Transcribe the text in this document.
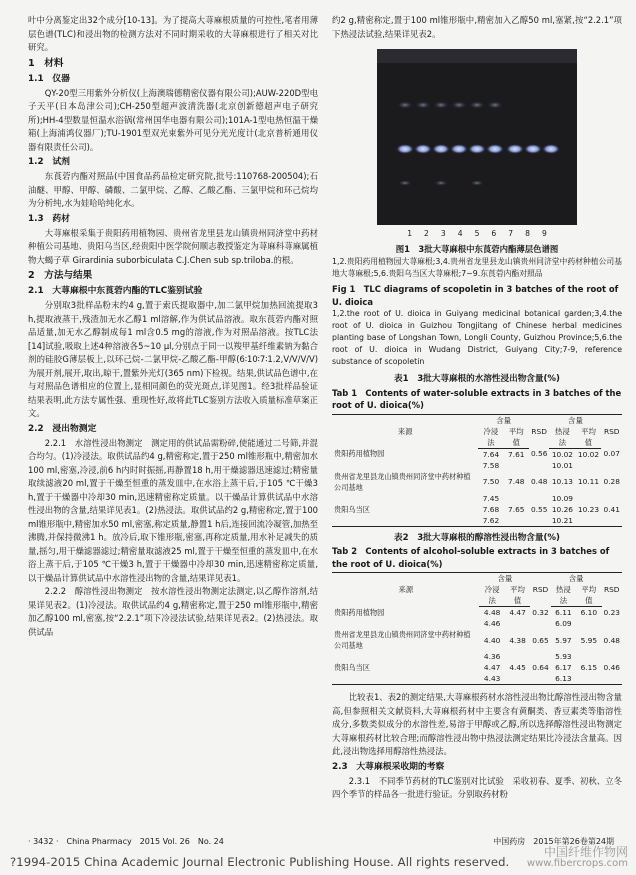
叶中分离鉴定出32个成分[10-13]。为了提高大荨麻根质量的可控性,笔者用薄层色谱(TLC)和浸出物的检测方法对不同时期采收的大荨麻根进行了相关对比研究。

1　材料
1.1　仪器

QY-20型三用紫外分析仪(上海澳瑞德精密仪器有限公司);AUW-220D型电子天平(日本岛津公司);CH-250型超声波清洗器(北京创新德超声电子研究所);HH-4型数显恒温水浴锅(常州国华电器有限公司);101A-1型电热恒温干燥箱(上海浦鸿仪器厂);TU-1901型双光束紫外可见分光光度计(北京普析通用仪器有限责任公司)。

1.2　试剂

东莨菪内酯对照品(中国食品药品检定研究院,批号:110768-200504);石油醚、甲醇、甲醇、磷酸、二氯甲烷、乙醇、乙酸乙酯、三氯甲烷和环己烷均为分析纯,水为娃哈哈纯化水。

1.3　药材

大荨麻根采集于贵阳药用植物园、贵州省龙里县龙山镇贵州同济堂中药材种植公司基地、贵阳乌当区,经贵阳中医学院何顺志教授鉴定为荨麻科荨麻属植物大蝎子草 Girardinia suborbiculata C.J.Chen sub sp.triloba.的根。

2　方法与结果
2.1　大荨麻根中东莨菪内酯的TLC鉴别试验

分别取3批样品粉末约4 g,置于索氏提取器中,加二氯甲烷加热回流提取3 h,提取液蒸干,残渣加无水乙醇1 ml溶解,作为供试品溶液。取东莨菪内酯对照品适量,加无水乙醇制成每1 ml含0.5 mg的溶液,作为对照品溶液。按TLC法[14]试验,吸取上述4种溶液各5~10 μl,分别点于同一以羧甲基纤维素钠为黏合剂的硅胶G薄层板上,以环己烷-二氯甲烷-乙酸乙酯-甲醇(6∶10∶7∶1.2,V/V/V/V)为展开剂,展开,取出,晾干,置紫外光灯(365 nm)下检视。结果,供试品色谱中,在与对照品色谱相应的位置上,显相同颜色的荧光斑点,详见图1。经3批样品验证结果表明,此方法专属性强、重现性好,故将此TLC鉴别方法收入质量标准草案正文。

2.2　浸出物测定

2.2.1　水溶性浸出物测定　测定用的供试品需粉碎,使能通过二号筛,并混合均匀。(1)冷浸法。取供试品约4 g,精密称定,置于250 ml锥形瓶中,精密加水100 ml,密塞,冷浸,前6 h内时时振摇,再静置18 h,用干燥滤器迅速滤过;精密量取续滤液20 ml,置于干燥至恒重的蒸发皿中,在水浴上蒸干后,于105 ℃干燥3 h,置于干燥器中冷却30 min,迅速精密称定质量。以干燥品计算供试品中水溶性浸出物的含量,结果详见表1。(2)热浸法。取供试品约2 g,精密称定,置于100 ml锥形瓶中,精密加水50 ml,密塞,称定质量,静置1 h后,连接回流冷凝管,加热至沸腾,并保持微沸1 h。放冷后,取下锥形瓶,密塞,再称定质量,用水补足减失的质量,摇匀,用干燥滤器滤过;精密量取滤液25 ml,置于干燥至恒重的蒸发皿中,在水浴上蒸干后,于105 ℃干燥3 h,置于干燥器中冷却30 min,迅速精密称定质量,以干燥品计算供试品中水溶性浸出物的含量,结果详见表1。

2.2.2　醇溶性浸出物测定　按水溶性浸出物测定法测定,以乙醇作溶剂,结果详见表2。(1)冷浸法。取供试品约4 g,精密称定,置于250 ml锥形瓶中,精密加乙醇100 ml,密塞,按“2.2.1”项下冷浸法试验,结果详见表2。(2)热浸法。取供试品

约2 g,精密称定,置于100 ml锥形瓶中,精密加入乙醇50 ml,塞紧,按“2.2.1”项下热浸法试验,结果详见表2。

1 2 3 4 5 6 7 8 9
图1　3批大荨麻根中东莨菪内酯薄层色谱图
1,2.贵阳药用植物园大荨麻根;3,4.贵州省龙里县龙山镇贵州同济堂中药材种植公司基地大荨麻根;5,6.贵阳乌当区大荨麻根;7~9.东莨菪内酯对照品
Fig 1　TLC diagrams of scopoletin in 3 batches of the root of U. dioica
1,2.the root of U. dioica in Guiyang medicinal botanical garden;3,4.the root of U. dioica in Guizhou Tongjitang of Chinese herbal medicines planting base of Longshan Town, Longli County, Guizhou Province;5,6.the root of U. dioica in Wudang District, Guiyang City;7-9, reference substance of scopoletin
表1　3批大荨麻根的水溶性浸出物含量(%)
Tab 1　Contents of water-soluble extracts in 3 batches of the root of U. dioica(%)
来源	含量		RSD	含量		RSD
	冷浸法	平均值		热浸法	平均值	
贵阳药用植物园	7.64	7.61	0.56	10.02	10.02	0.07
	7.58			10.01		
贵州省龙里县龙山镇贵州同济堂中药材种植公司基地	7.50	7.48	0.48	10.13	10.11	0.28
	7.45			10.09		
贵阳乌当区	7.68	7.65	0.55	10.26	10.23	0.41
	7.62			10.21		
表2　3批大荨麻根的醇溶性浸出物含量(%)
Tab 2　Contents of alcohol-soluble extracts in 3 batches of the root of U. dioica(%)
来源	含量		RSD	含量		RSD
	冷浸法	平均值		热浸法	平均值	
贵阳药用植物园	4.48	4.47	0.32	6.11	6.10	0.23
	4.46			6.09		
贵州省龙里县龙山镇贵州同济堂中药材种植公司基地	4.40	4.38	0.65	5.97	5.95	0.48
	4.36			5.93		
贵阳乌当区	4.47	4.45	0.64	6.17	6.15	0.46
	4.43			6.13		

比较表1、表2的测定结果,大荨麻根药材水溶性浸出物比醇溶性浸出物含量高,但参照相关文献资料,大荨麻根药材中主要含有黄酮类、香豆素类等脂溶性成分,多数类似成分的水溶性差,易溶于甲醇或乙醇,所以选择醇溶性浸出物测定大荨麻根药材比较合理;而醇溶性浸出物中热浸法测定结果比冷浸法含量高。因此,浸出物选择用醇溶性热浸法。

2.3　大荨麻根采收期的考察

2.3.1　不同季节药材的TLC鉴别对比试验　采收初春、夏季、初秋、立冬四个季节的样品各一批进行验证。分别取药材粉

· 3432 ·　China Pharmacy　2015 Vol. 26　No. 24	中国药房　2015年第26卷第24期
中国纤维作物网
www.fibercrops.com
?1994-2015 China Academic Journal Electronic Publishing House. All rights reserved.
